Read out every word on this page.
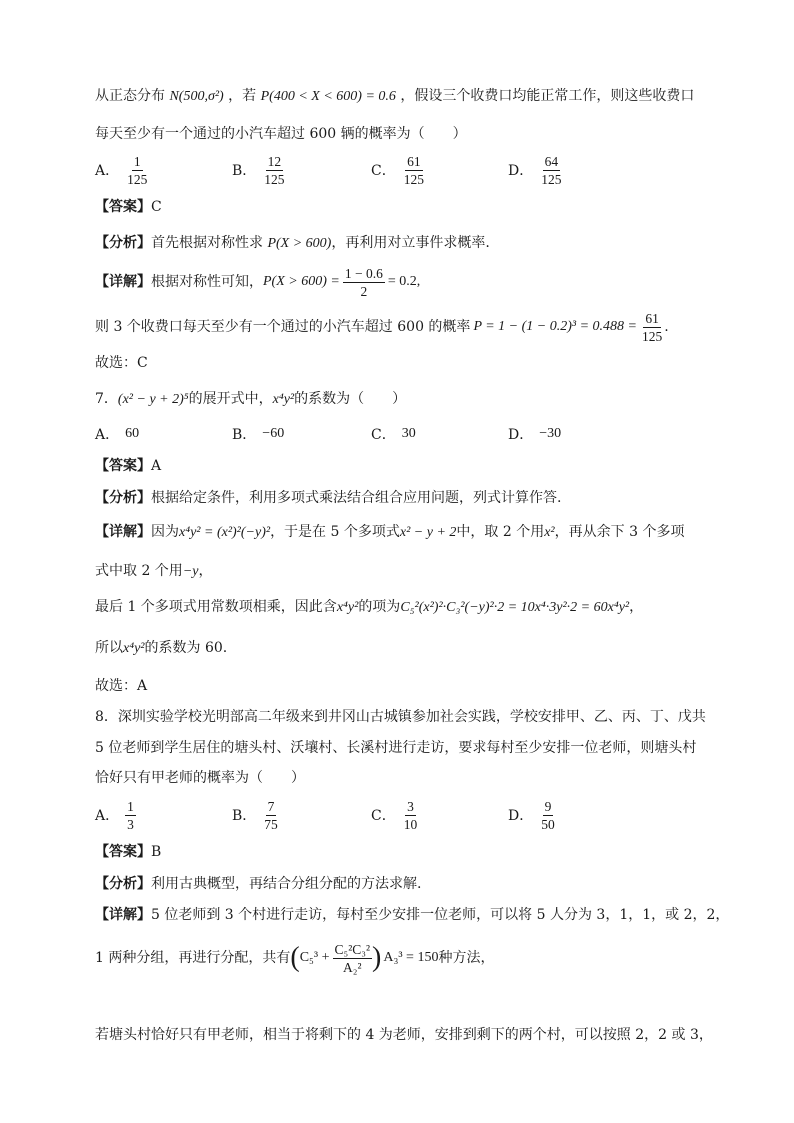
从正态分布 N(500,σ²) ，若 P(400 < X < 600) = 0.6 ，假设三个收费口均能正常工作，则这些收费口
每天至少有一个通过的小汽车超过 600 辆的概率为（　　）
A． $\frac{1}{125}$	B． $\frac{12}{125}$	C． $\frac{61}{125}$	D． $\frac{64}{125}$
【答案】C
【分析】首先根据对称性求 P(X > 600)，再利用对立事件求概率.
【详解】 根据对称性可知， $P(X > 600) = \frac{1 - 0.6}{2} = 0.2$,
则 3 个收费口每天至少有一个通过的小汽车超过 600 的概率 $P = 1 - (1 - 0.2)^3 = 0.488 = \frac{61}{125}$ .
故选：C
7．(x² − y + 2)⁵的展开式中，x⁴y²的系数为（　　）
A． 60	B． −60	C． 30	D． −30
【答案】A
【分析】根据给定条件，利用多项式乘法结合组合应用问题，列式计算作答.
【详解】因为x⁴y² = (x²)²(−y)²，于是在 5 个多项式x² − y + 2中，取 2 个用x²，再从余下 3 个多项
式中取 2 个用−y，
最后 1 个多项式用常数项相乘，因此含x⁴y²的项为C₅²(x²)²·C₃²(−y)²·2 = 10x⁴·3y²·2 = 60x⁴y²，
所以x⁴y²的系数为 60.
故选：A
8．深圳实验学校光明部高二年级来到井冈山古城镇参加社会实践，学校安排甲、乙、丙、丁、戊共
5 位老师到学生居住的塘头村、沃壤村、长溪村进行走访，要求每村至少安排一位老师，则塘头村
恰好只有甲老师的概率为（　　）
A． $\frac{1}{3}$	B． $\frac{7}{75}$	C． $\frac{3}{10}$	D． $\frac{9}{50}$
【答案】B
【分析】利用古典概型，再结合分组分配的方法求解.
【详解】5 位老师到 3 个村进行走访，每村至少安排一位老师，可以将 5 人分为 3，1，1，或 2，2，
1 两种分组，再进行分配，共有 ( $C_5^3 + \frac{\text{C₅²C₃²}}{\text{A₂²}}$ ) A₃³ = 150 种方法，
若塘头村恰好只有甲老师，相当于将剩下的 4 为老师，安排到剩下的两个村，可以按照 2，2 或 3，
